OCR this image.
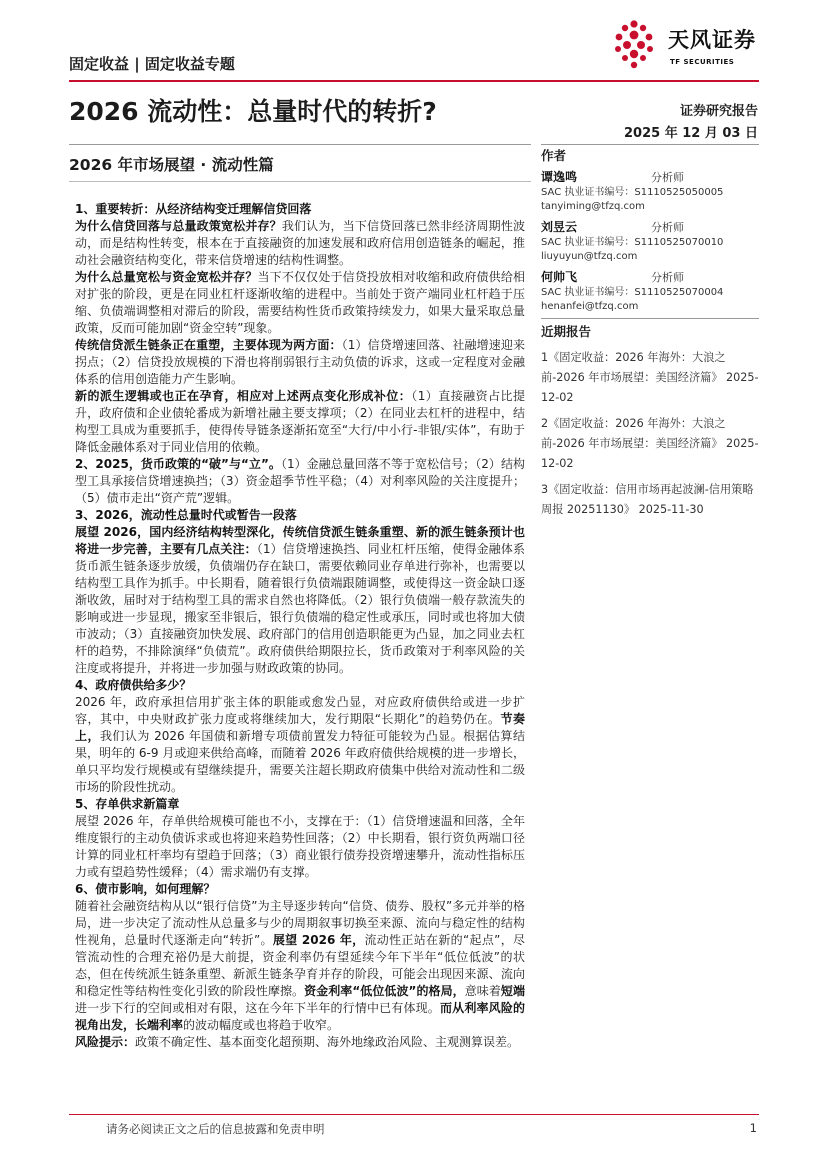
固定收益 | 固定收益专题
天风证券
TF SECURITIES
2026 流动性：总量时代的转折?	证券研究报告
2025 年 12 月 03 日
2026 年市场展望 · 流动性篇

1、重要转折：从经济结构变迁理解信贷回落

为什么信贷回落与总量政策宽松并存？我们认为，当下信贷回落已然非经济周期性波动，而是结构性转变，根本在于直接融资的加速发展和政府信用创造链条的崛起，推动社会融资结构变化，带来信贷增速的结构性调整。

为什么总量宽松与资金宽松并存？当下不仅仅处于信贷投放相对收缩和政府债供给相对扩张的阶段，更是在同业杠杆逐渐收缩的进程中。当前处于资产端同业杠杆趋于压缩、负债端调整相对滞后的阶段，需要结构性货币政策持续发力，如果大量采取总量政策，反而可能加剧“资金空转”现象。

传统信贷派生链条正在重塑，主要体现为两方面：（1）信贷增速回落、社融增速迎来拐点；（2）信贷投放规模的下滑也将削弱银行主动负债的诉求，这或一定程度对金融体系的信用创造能力产生影响。

新的派生逻辑或也正在孕育，相应对上述两点变化形成补位：（1）直接融资占比提升，政府债和企业债轮番成为新增社融主要支撑项；（2）在同业去杠杆的进程中，结构型工具成为重要抓手，使得传导链条逐渐拓宽至“大行/中小行-非银/实体”，有助于降低金融体系对于同业信用的依赖。

2、2025，货币政策的“破”与“立”。（1）金融总量回落不等于宽松信号；（2）结构型工具承接信贷增速换挡；（3）资金超季节性平稳；（4）对利率风险的关注度提升；（5）债市走出“资产荒”逻辑。

3、2026，流动性总量时代或暂告一段落

展望 2026，国内经济结构转型深化，传统信贷派生链条重塑、新的派生链条预计也将进一步完善，主要有几点关注：（1）信贷增速换挡、同业杠杆压缩，使得金融体系货币派生链条逐步放缓，负债端仍存在缺口，需要依赖同业存单进行弥补，也需要以结构型工具作为抓手。中长期看，随着银行负债端跟随调整，或使得这一资金缺口逐渐收敛，届时对于结构型工具的需求自然也将降低。（2）银行负债端一般存款流失的影响或进一步显现，搬家至非银后，银行负债端的稳定性或承压，同时或也将加大债市波动；（3）直接融资加快发展、政府部门的信用创造职能更为凸显，加之同业去杠杆的趋势，不排除演绎“负债荒”。政府债供给期限拉长，货币政策对于利率风险的关注度或将提升，并将进一步加强与财政政策的协同。

4、政府债供给多少？

2026 年，政府承担信用扩张主体的职能或愈发凸显，对应政府债供给或进一步扩容，其中，中央财政扩张力度或将继续加大，发行期限“长期化”的趋势仍在。节奏上，我们认为 2026 年国债和新增专项债前置发力特征可能较为凸显。根据估算结果，明年的 6-9 月或迎来供给高峰，而随着 2026 年政府债供给规模的进一步增长，单只平均发行规模或有望继续提升，需要关注超长期政府债集中供给对流动性和二级市场的阶段性扰动。

5、存单供求新篇章

展望 2026 年，存单供给规模可能也不小，支撑在于：（1）信贷增速温和回落，全年维度银行的主动负债诉求或也将迎来趋势性回落；（2）中长期看，银行资负两端口径计算的同业杠杆率均有望趋于回落；（3）商业银行债券投资增速攀升，流动性指标压力或有望趋势性缓释；（4）需求端仍有支撑。

6、债市影响，如何理解？

随着社会融资结构从以“银行信贷”为主导逐步转向“信贷、债券、股权”多元并举的格局，进一步决定了流动性从总量多与少的周期叙事切换至来源、流向与稳定性的结构性视角，总量时代逐渐走向“转折”。展望 2026 年，流动性正站在新的“起点”，尽管流动性的合理充裕仍是大前提，资金利率仍有望延续今年下半年“低位低波”的状态，但在传统派生链条重塑、新派生链条孕育并存的阶段，可能会出现因来源、流向和稳定性等结构性变化引致的阶段性摩擦。资金利率“低位低波”的格局，意味着短端进一步下行的空间或相对有限，这在今年下半年的行情中已有体现。而从利率风险的视角出发，长端利率的波动幅度或也将趋于收窄。

风险提示：政策不确定性、基本面变化超预期、海外地缘政治风险、主观测算误差。

作者
谭逸鸣	分析师
SAC 执业证书编号：S1110525050005
tanyiming@tfzq.com
刘昱云	分析师
SAC 执业证书编号：S1110525070010
liuyuyun@tfzq.com
何帅飞	分析师
SAC 执业证书编号：S1110525070004
henanfei@tfzq.com
近期报告
1《固定收益：2026 年海外：大浪之前-2026 年市场展望：美国经济篇》 2025-12-02
2《固定收益：2026 年海外：大浪之前-2026 年市场展望：美国经济篇》 2025-12-02
3《固定收益：信用市场再起波澜-信用策略周报 20251130》 2025-11-30
请务必阅读正文之后的信息披露和免责申明	1
